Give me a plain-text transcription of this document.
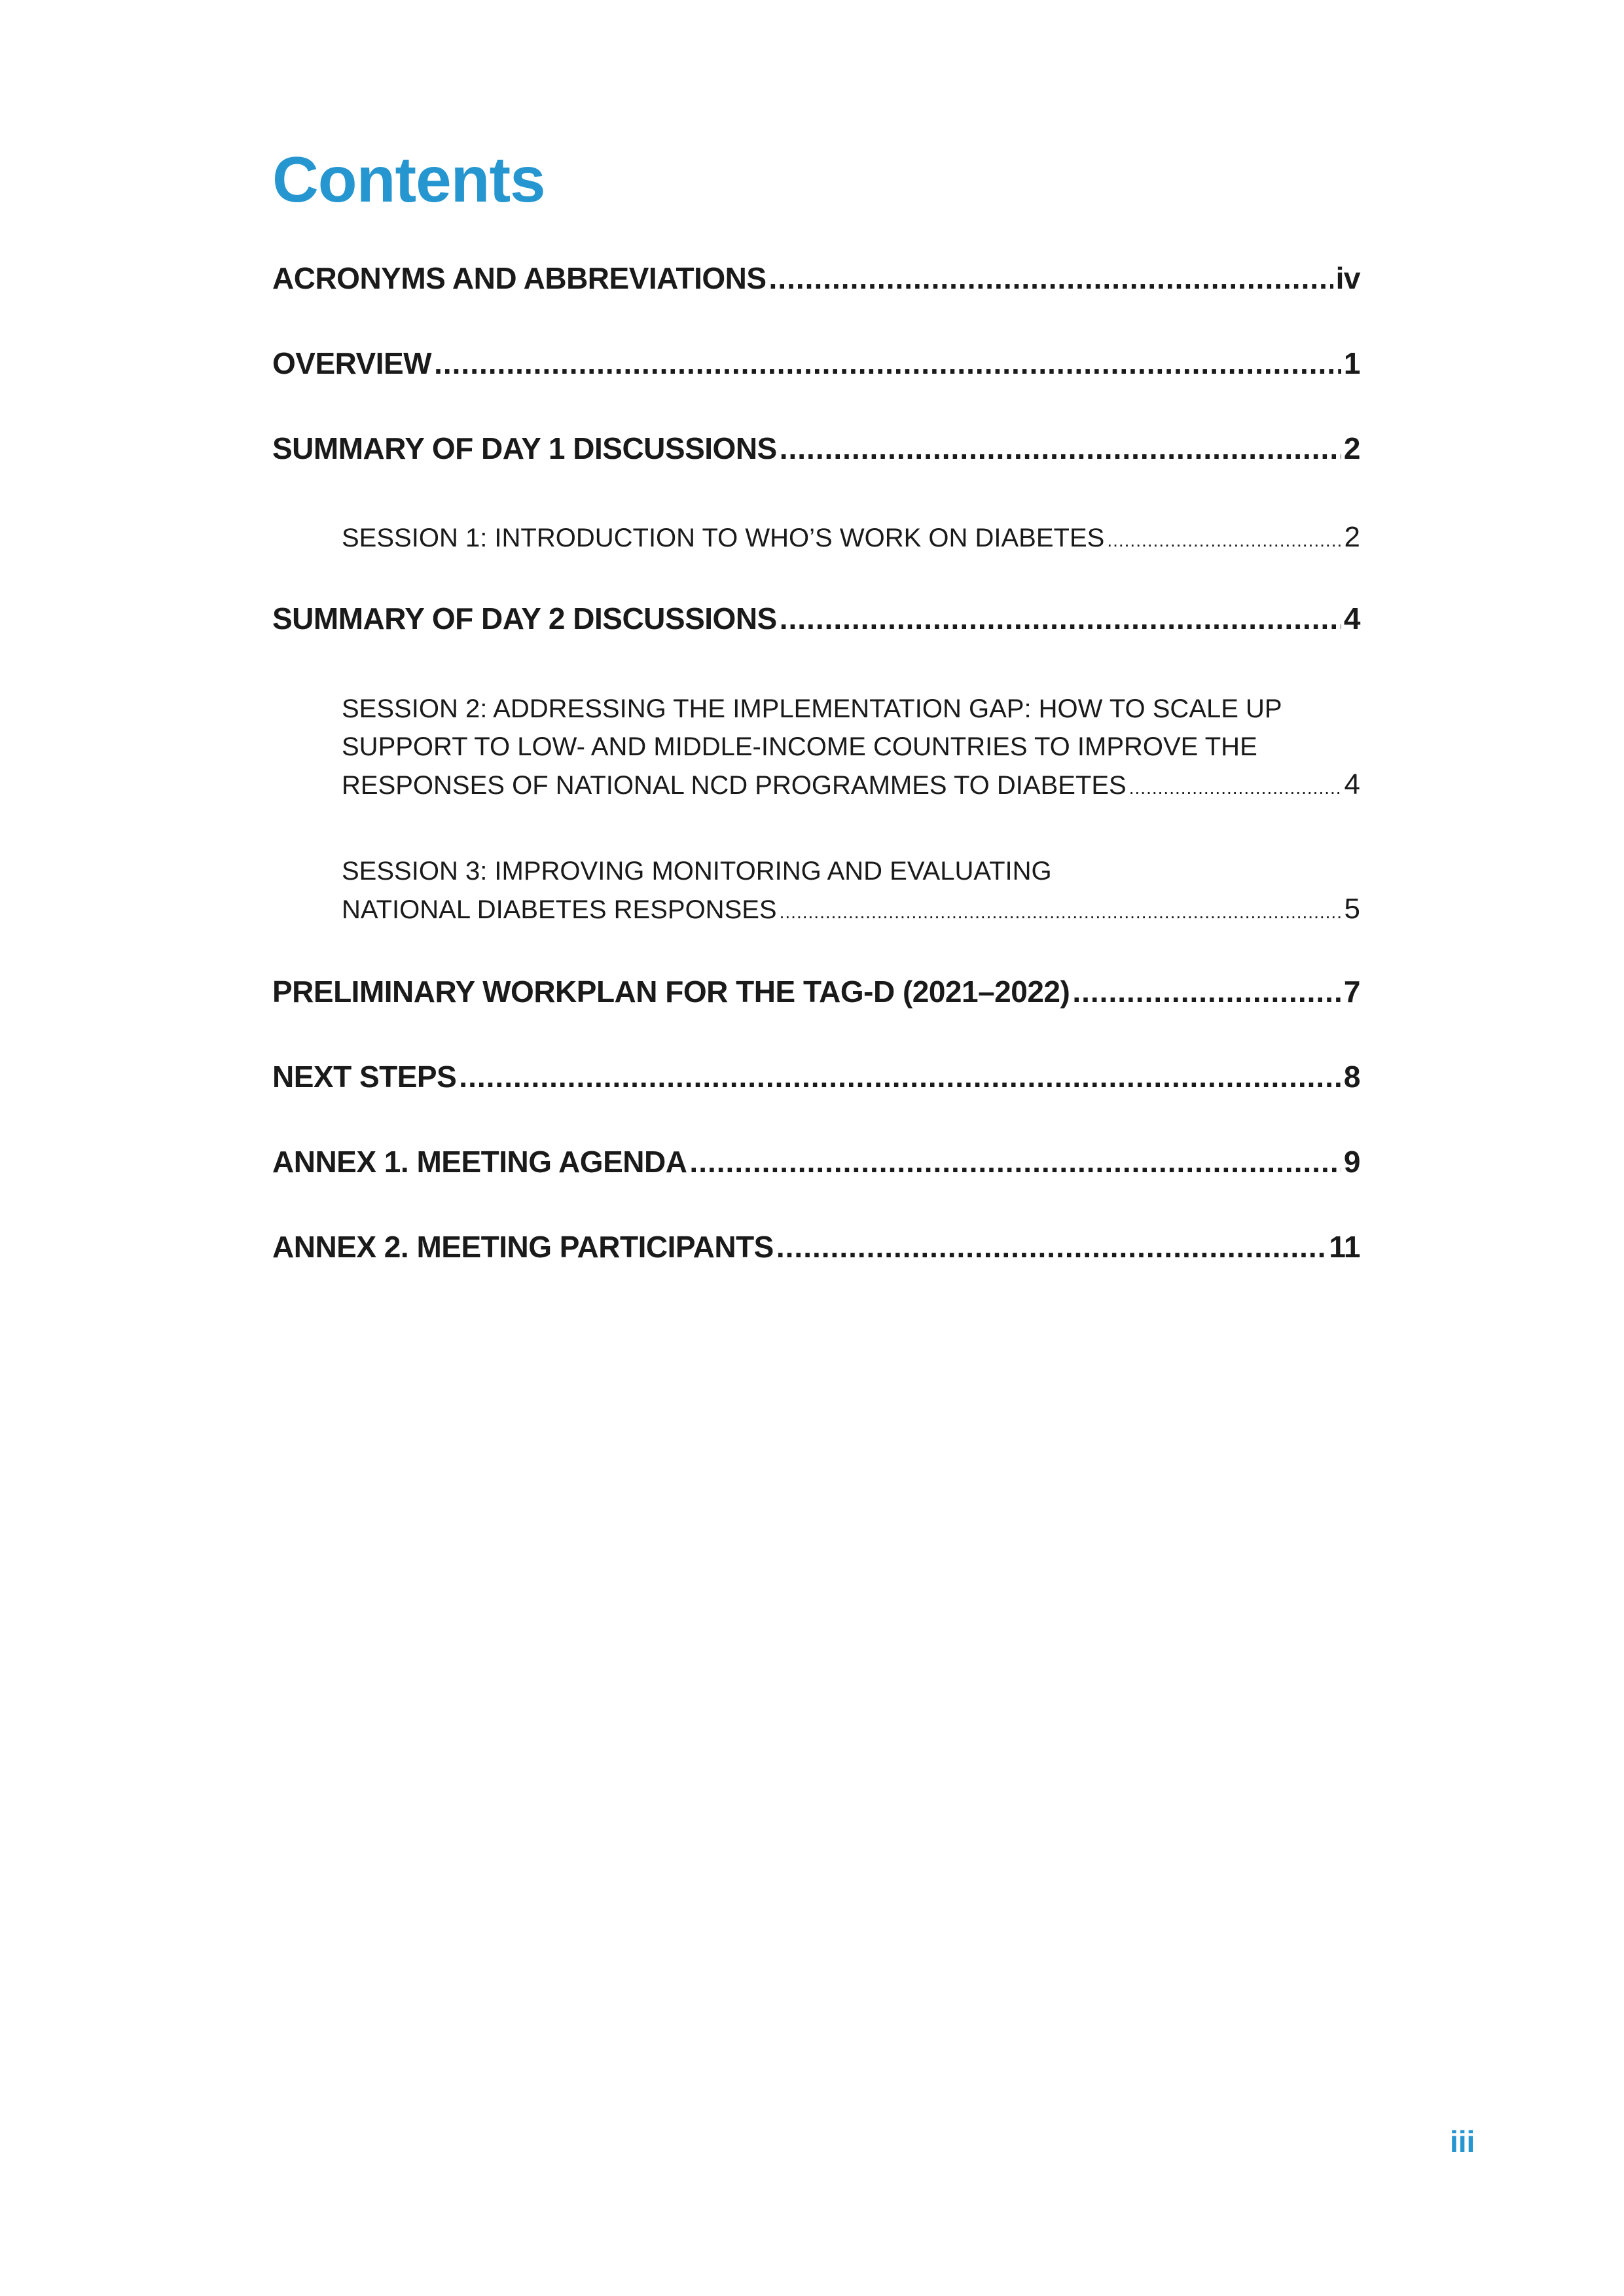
Contents
ACRONYMS AND ABBREVIATIONS .....	iv
OVERVIEW .....	1
SUMMARY OF DAY 1 DISCUSSIONS .....	2
SESSION 1: INTRODUCTION TO WHO’S WORK ON DIABETES .....	2
SUMMARY OF DAY 2 DISCUSSIONS .....	4
SESSION 2: ADDRESSING THE IMPLEMENTATION GAP: HOW TO SCALE UP
SUPPORT TO LOW- AND MIDDLE-INCOME COUNTRIES TO IMPROVE THE
RESPONSES OF NATIONAL NCD PROGRAMMES TO DIABETES .....	4
SESSION 3: IMPROVING MONITORING AND EVALUATING
NATIONAL DIABETES RESPONSES .....	5
PRELIMINARY WORKPLAN FOR THE TAG-D (2021–2022) .....	7
NEXT STEPS .....	8
ANNEX 1. MEETING AGENDA .....	9
ANNEX 2. MEETING PARTICIPANTS .....	11
iii
